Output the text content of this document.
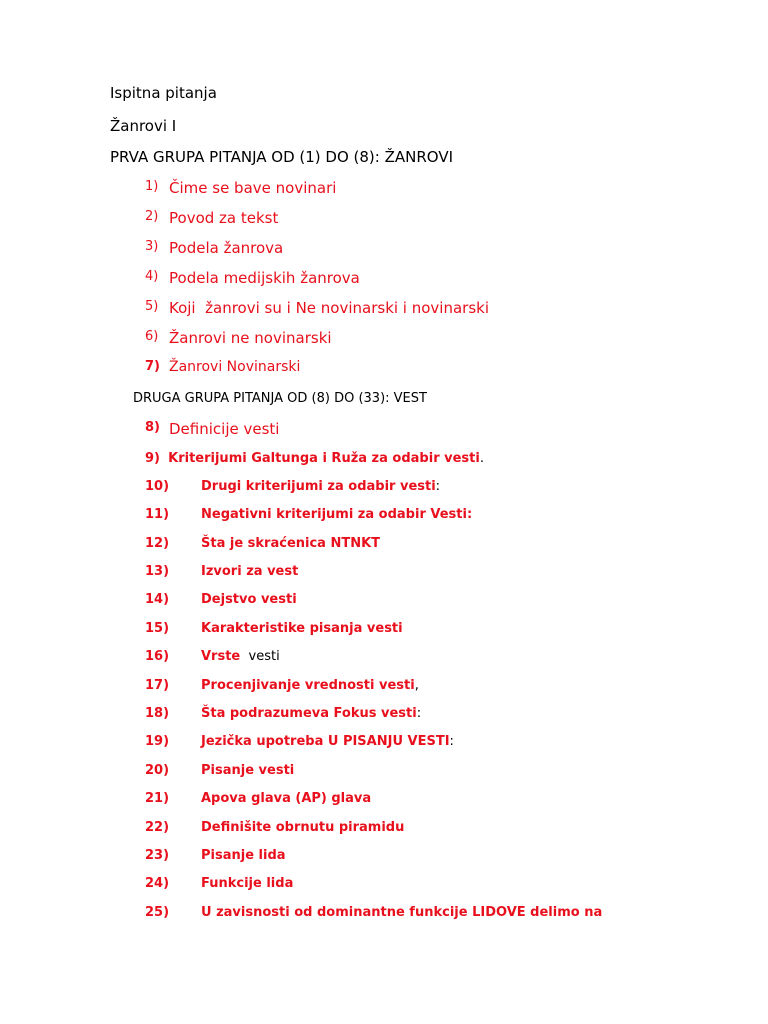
Ispitna pitanja
Žanrovi I
PRVA GRUPA PITANJA OD (1) DO (8): ŽANROVI
1) Čime se bave novinari
2) Povod za tekst
3) Podela žanrova
4) Podela medijskih žanrova
5) Koji  žanrovi su i Ne novinarski i novinarski
6) Žanrovi ne novinarski
7) Žanrovi Novinarski
DRUGA GRUPA PITANJA OD (8) DO (33): VEST
8) Definicije vesti
9) Kriterijumi Galtunga i Ruža za odabir vesti.
10) Drugi kriterijumi za odabir vesti:
11) Negativni kriterijumi za odabir Vesti:
12) Šta je skraćenica NTNKT
13) Izvori za vest
14) Dejstvo vesti
15) Karakteristike pisanja vesti
16) Vrste  vesti
17) Procenjivanje vrednosti vesti,
18) Šta podrazumeva Fokus vesti:
19) Jezička upotreba U PISANJU VESTI:
20) Pisanje vesti
21) Apova glava (AP) glava
22) Definišite obrnutu piramidu
23) Pisanje lida
24) Funkcije lida
25) U zavisnosti od dominantne funkcije LIDOVE delimo na
